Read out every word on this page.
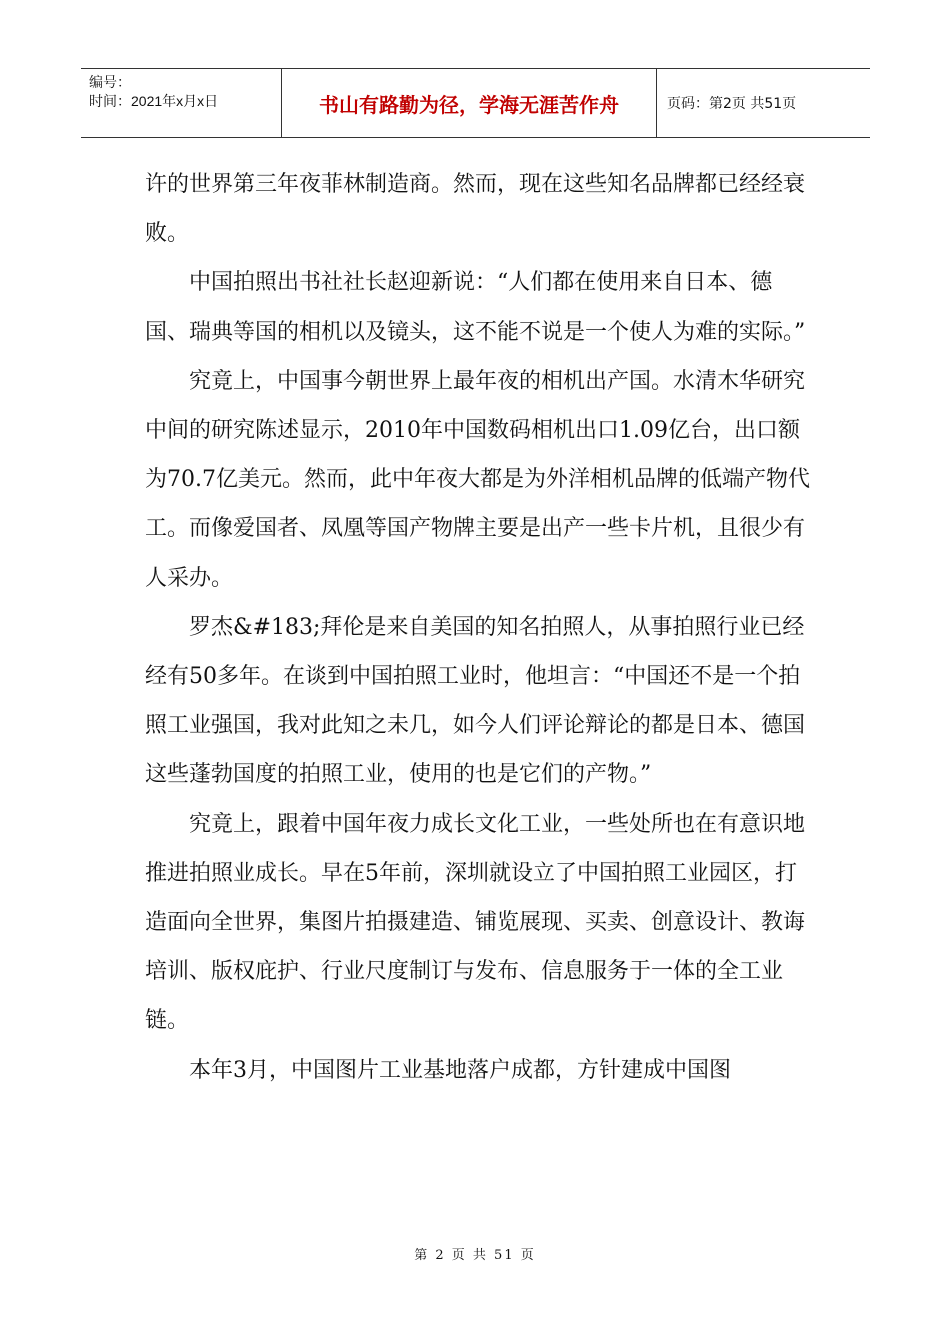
编号：
时间：2021年x月x日	书山有路勤为径，学海无涯苦作舟	页码：第2页 共51页

许的世界第三年夜菲林制造商。然而，现在这些知名品牌都已经经衰败。

中国拍照出书社社长赵迎新说：“人们都在使用来自日本、德国、瑞典等国的相机以及镜头，这不能不说是一个使人为难的实际。”

究竟上，中国事今朝世界上最年夜的相机出产国。水清木华研究中间的研究陈述显示，2010年中国数码相机出口1.09亿台，出口额为70.7亿美元。然而，此中年夜大都是为外洋相机品牌的低端产物代工。而像爱国者、凤凰等国产物牌主要是出产一些卡片机，且很少有人采办。

罗杰&#183;拜伦是来自美国的知名拍照人，从事拍照行业已经经有50多年。在谈到中国拍照工业时，他坦言：“中国还不是一个拍照工业强国，我对此知之未几，如今人们评论辩论的都是日本、德国这些蓬勃国度的拍照工业，使用的也是它们的产物。”

究竟上，跟着中国年夜力成长文化工业，一些处所也在有意识地推进拍照业成长。早在5年前，深圳就设立了中国拍照工业园区，打造面向全世界，集图片拍摄建造、铺览展现、买卖、创意设计、教诲培训、版权庇护、行业尺度制订与发布、信息服务于一体的全工业链。

本年3月，中国图片工业基地落户成都，方针建成中国图

第 2 页 共 51 页
